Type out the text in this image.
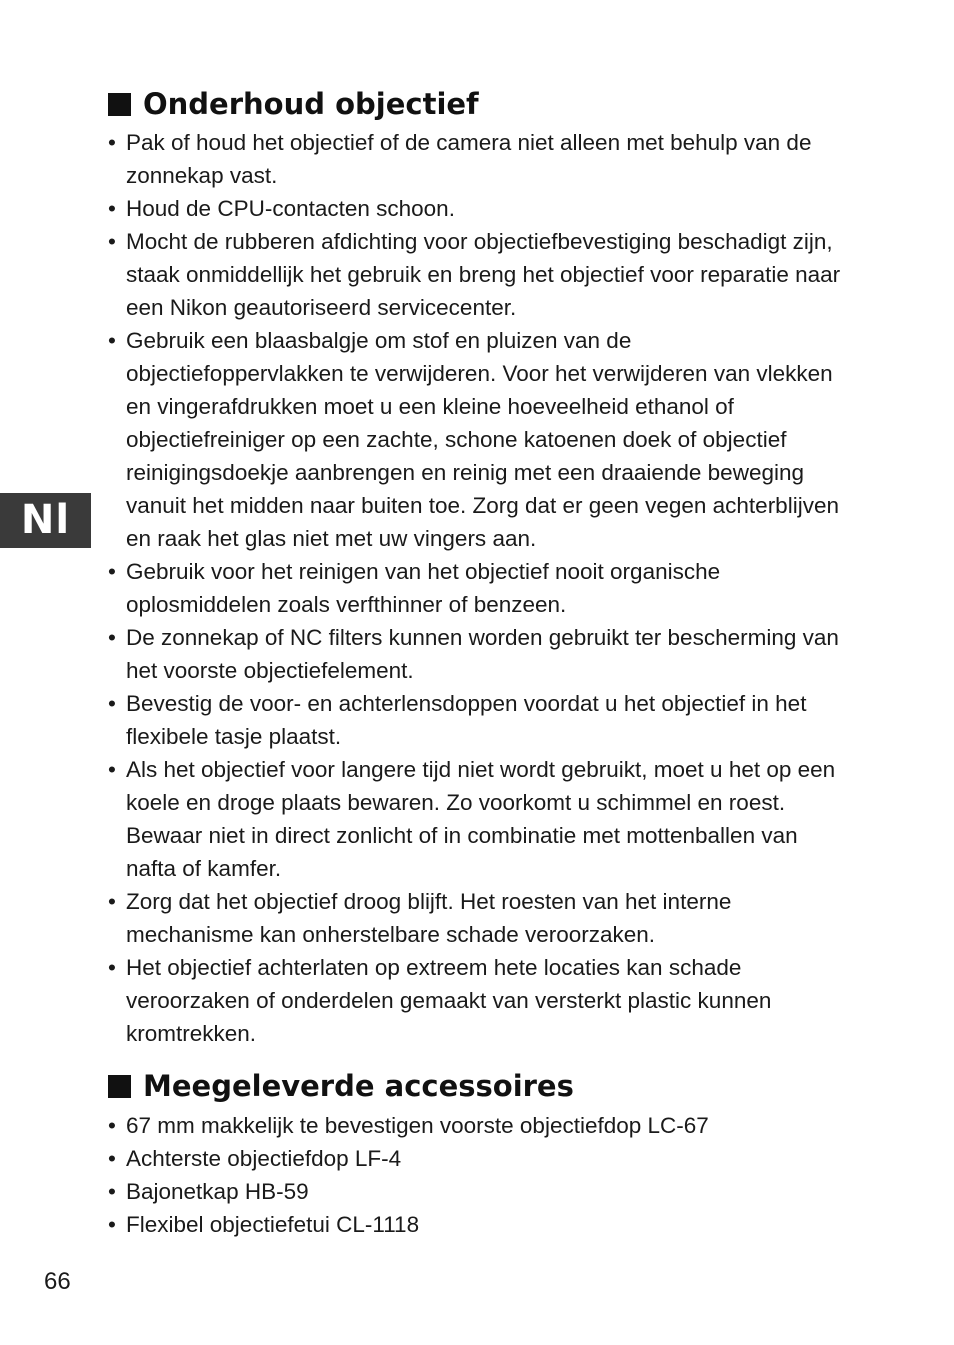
Nl
Onderhoud objectief
• Pak of houd het objectief of de camera niet alleen met behulp van de zonnekap vast.
• Houd de CPU-contacten schoon.
• Mocht de rubberen afdichting voor objectiefbevestiging beschadigt zijn, staak onmiddellijk het gebruik en breng het objectief voor reparatie naar een Nikon geautoriseerd servicecenter.
• Gebruik een blaasbalgje om stof en pluizen van de objectiefoppervlakken te verwijderen. Voor het verwijderen van vlekken en vingerafdrukken moet u een kleine hoeveelheid ethanol of objectiefreiniger op een zachte, schone katoenen doek of objectief reinigingsdoekje aanbrengen en reinig met een draaiende beweging vanuit het midden naar buiten toe. Zorg dat er geen vegen achterblijven en raak het glas niet met uw vingers aan.
• Gebruik voor het reinigen van het objectief nooit organische oplosmiddelen zoals verfthinner of benzeen.
• De zonnekap of NC filters kunnen worden gebruikt ter bescherming van het voorste objectiefelement.
• Bevestig de voor- en achterlensdoppen voordat u het objectief in het flexibele tasje plaatst.
• Als het objectief voor langere tijd niet wordt gebruikt, moet u het op een koele en droge plaats bewaren. Zo voorkomt u schimmel en roest. Bewaar niet in direct zonlicht of in combinatie met mottenballen van nafta of kamfer.
• Zorg dat het objectief droog blijft. Het roesten van het interne mechanisme kan onherstelbare schade veroorzaken.
• Het objectief achterlaten op extreem hete locaties kan schade veroorzaken of onderdelen gemaakt van versterkt plastic kunnen kromtrekken.
Meegeleverde accessoires
• 67 mm makkelijk te bevestigen voorste objectiefdop LC-67
• Achterste objectiefdop LF-4
• Bajonetkap HB-59
• Flexibel objectiefetui CL-1118
66
